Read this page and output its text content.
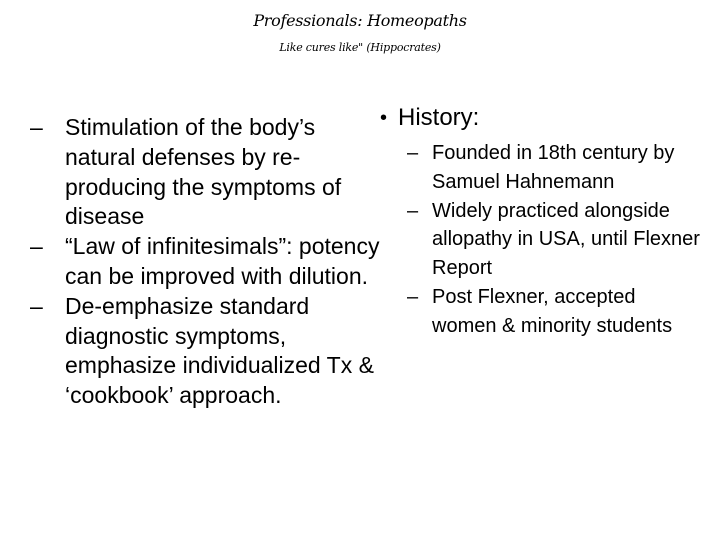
Professionals: Homeopaths
Like cures like" (Hippocrates)
– Stimulation of the body’s natural defenses by re-producing the symptoms of disease
– “Law of infinitesimals”: potency can be improved with dilution.
– De-emphasize standard diagnostic symptoms, emphasize individualized Tx & ‘cookbook’ approach.
• History:
– Founded in 18th century by Samuel Hahnemann
– Widely practiced alongside allopathy in USA, until Flexner Report
– Post Flexner, accepted women & minority students
